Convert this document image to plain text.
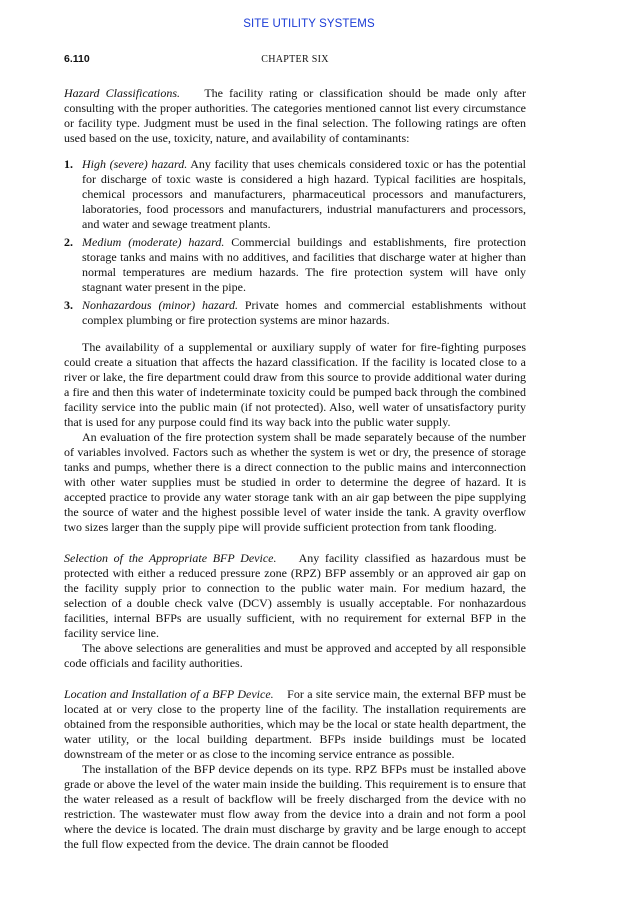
SITE UTILITY SYSTEMS
6.110	CHAPTER SIX

Hazard Classifications. The facility rating or classification should be made only after consulting with the proper authorities. The categories mentioned cannot list every circumstance or facility type. Judgment must be used in the final selection. The following ratings are often used based on the use, toxicity, nature, and availability of contaminants:

1. High (severe) hazard. Any facility that uses chemicals considered toxic or has the potential for discharge of toxic waste is considered a high hazard. Typical facilities are hospitals, chemical processors and manufacturers, pharmaceutical processors and manufacturers, laboratories, food processors and manufacturers, industrial manufacturers and processors, and water and sewage treatment plants.
2. Medium (moderate) hazard. Commercial buildings and establishments, fire protection storage tanks and mains with no additives, and facilities that discharge water at higher than normal temperatures are medium hazards. The fire protection system will have only stagnant water present in the pipe.
3. Nonhazardous (minor) hazard. Private homes and commercial establishments without complex plumbing or fire protection systems are minor hazards.

The availability of a supplemental or auxiliary supply of water for fire-fighting purposes could create a situation that affects the hazard classification. If the facility is located close to a river or lake, the fire department could draw from this source to provide additional water during a fire and then this water of indeterminate toxicity could be pumped back through the combined facility service into the public main (if not protected). Also, well water of unsatisfactory purity that is used for any purpose could find its way back into the public water supply.

An evaluation of the fire protection system shall be made separately because of the number of variables involved. Factors such as whether the system is wet or dry, the presence of storage tanks and pumps, whether there is a direct connection to the public mains and interconnection with other water supplies must be studied in order to determine the degree of hazard. It is accepted practice to provide any water storage tank with an air gap between the pipe supplying the source of water and the highest possible level of water inside the tank. A gravity overflow two sizes larger than the supply pipe will provide sufficient protection from tank flooding.

Selection of the Appropriate BFP Device. Any facility classified as hazardous must be protected with either a reduced pressure zone (RPZ) BFP assembly or an approved air gap on the facility supply prior to connection to the public water main. For medium hazard, the selection of a double check valve (DCV) assembly is usually acceptable. For nonhazardous facilities, internal BFPs are usually sufficient, with no requirement for external BFP in the facility service line.

The above selections are generalities and must be approved and accepted by all responsible code officials and facility authorities.

Location and Installation of a BFP Device. For a site service main, the external BFP must be located at or very close to the property line of the facility. The installation requirements are obtained from the responsible authorities, which may be the local or state health department, the water utility, or the local building department. BFPs inside buildings must be located downstream of the meter or as close to the incoming service entrance as possible.

The installation of the BFP device depends on its type. RPZ BFPs must be installed above grade or above the level of the water main inside the building. This requirement is to ensure that the water released as a result of backflow will be freely discharged from the device with no restriction. The wastewater must flow away from the device into a drain and not form a pool where the device is located. The drain must discharge by gravity and be large enough to accept the full flow expected from the device. The drain cannot be flooded
